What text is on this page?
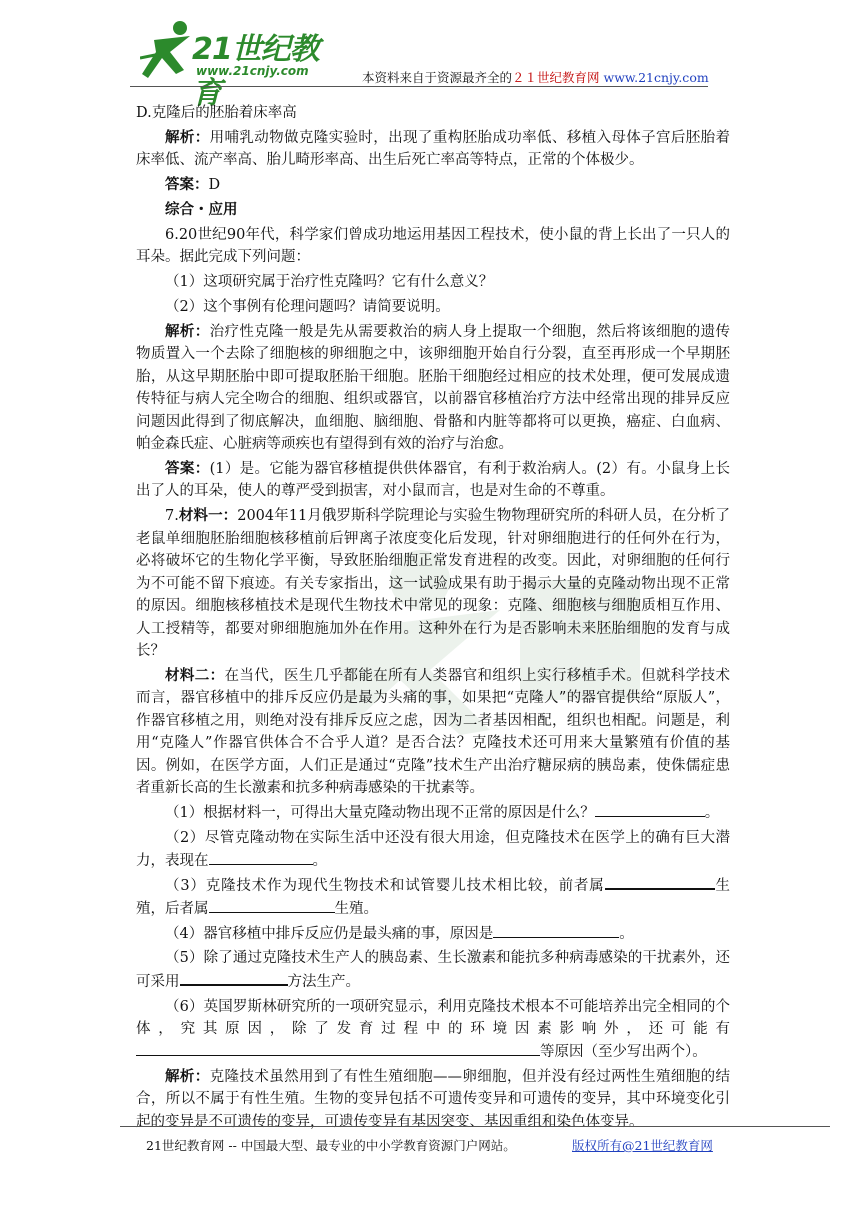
21世纪教育
www.21cnjy.com	本资料来自于资源最齐全的２１世纪教育网 www.21cnjy.com

D.克隆后的胚胎着床率高

解析：用哺乳动物做克隆实验时，出现了重构胚胎成功率低、移植入母体子宫后胚胎着床率低、流产率高、胎儿畸形率高、出生后死亡率高等特点，正常的个体极少。

答案：D

综合・应用

6.20世纪90年代，科学家们曾成功地运用基因工程技术，使小鼠的背上长出了一只人的耳朵。据此完成下列问题：

（1）这项研究属于治疗性克隆吗？它有什么意义？

（2）这个事例有伦理问题吗？请简要说明。

解析：治疗性克隆一般是先从需要救治的病人身上提取一个细胞，然后将该细胞的遗传物质置入一个去除了细胞核的卵细胞之中，该卵细胞开始自行分裂，直至再形成一个早期胚胎，从这早期胚胎中即可提取胚胎干细胞。胚胎干细胞经过相应的技术处理，便可发展成遗传特征与病人完全吻合的细胞、组织或器官，以前器官移植治疗方法中经常出现的排异反应问题因此得到了彻底解决，血细胞、脑细胞、骨骼和内脏等都将可以更换，癌症、白血病、帕金森氏症、心脏病等顽疾也有望得到有效的治疗与治愈。

答案：(1）是。它能为器官移植提供供体器官，有利于救治病人。(2）有。小鼠身上长出了人的耳朵，使人的尊严受到损害，对小鼠而言，也是对生命的不尊重。

7.材料一：2004年11月俄罗斯科学院理论与实验生物物理研究所的科研人员，在分析了老鼠单细胞胚胎细胞核移植前后钾离子浓度变化后发现，针对卵细胞进行的任何外在行为，必将破坏它的生物化学平衡，导致胚胎细胞正常发育进程的改变。因此，对卵细胞的任何行为不可能不留下痕迹。有关专家指出，这一试验成果有助于揭示大量的克隆动物出现不正常的原因。细胞核移植技术是现代生物技术中常见的现象：克隆、细胞核与细胞质相互作用、人工授精等，都要对卵细胞施加外在作用。这种外在行为是否影响未来胚胎细胞的发育与成长？

材料二：在当代，医生几乎都能在所有人类器官和组织上实行移植手术。但就科学技术而言，器官移植中的排斥反应仍是最为头痛的事，如果把“克隆人”的器官提供给“原版人”，作器官移植之用，则绝对没有排斥反应之虑，因为二者基因相配，组织也相配。问题是，利用“克隆人”作器官供体合不合乎人道？是否合法？克隆技术还可用来大量繁殖有价值的基因。例如，在医学方面，人们正是通过“克隆”技术生产出治疗糖尿病的胰岛素，使侏儒症患者重新长高的生长激素和抗多种病毒感染的干扰素等。

（1）根据材料一，可得出大量克隆动物出现不正常的原因是什么？	。

（2）尽管克隆动物在实际生活中还没有很大用途，但克隆技术在医学上的确有巨大潜力，表现在	。

（3）克隆技术作为现代生物技术和试管婴儿技术相比较，前者属	生殖，后者属	生殖。

（4）器官移植中排斥反应仍是最头痛的事，原因是	。

（5）除了通过克隆技术生产人的胰岛素、生长激素和能抗多种病毒感染的干扰素外，还可采用	方法生产。

（6）英国罗斯林研究所的一项研究显示，利用克隆技术根本不可能培养出完全相同的个体，究其原因，除了发育过程中的环境因素影响外，还可能有等原因（至少写出两个）。

解析：克隆技术虽然用到了有性生殖细胞——卵细胞，但并没有经过两性生殖细胞的结合，所以不属于有性生殖。生物的变异包括不可遗传变异和可遗传的变异，其中环境变化引起的变异是不可遗传的变异，可遗传变异有基因突变、基因重组和染色体变异。

21世纪教育网 -- 中国最大型、最专业的中小学教育资源门户网站。	版权所有@21世纪教育网
